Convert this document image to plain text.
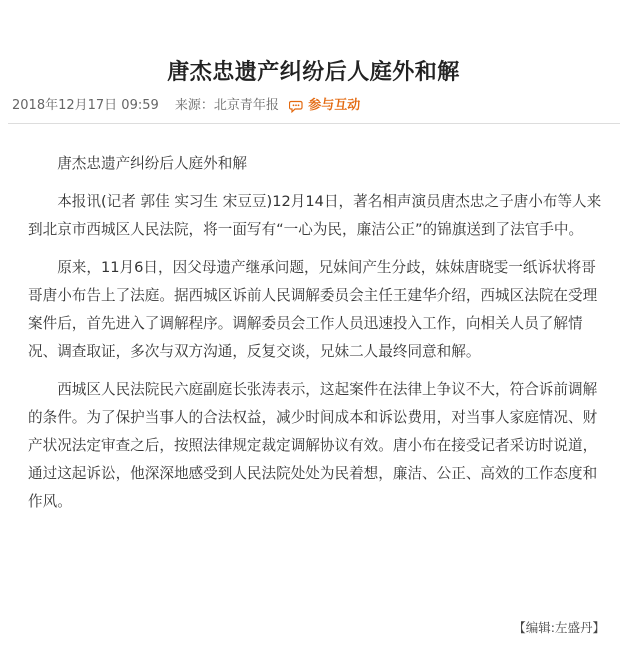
唐杰忠遗产纠纷后人庭外和解
2018年12月17日 09:59 来源：北京青年报 参与互动

唐杰忠遗产纠纷后人庭外和解

本报讯(记者 郭佳 实习生 宋豆豆)12月14日，著名相声演员唐杰忠之子唐小布等人来到北京市西城区人民法院，将一面写有“一心为民，廉洁公正”的锦旗送到了法官手中。

原来，11月6日，因父母遗产继承问题，兄妹间产生分歧，妹妹唐晓雯一纸诉状将哥哥唐小布告上了法庭。据西城区诉前人民调解委员会主任王建华介绍，西城区法院在受理案件后，首先进入了调解程序。调解委员会工作人员迅速投入工作，向相关人员了解情况、调查取证，多次与双方沟通，反复交谈，兄妹二人最终同意和解。

西城区人民法院民六庭副庭长张涛表示，这起案件在法律上争议不大，符合诉前调解的条件。为了保护当事人的合法权益，减少时间成本和诉讼费用，对当事人家庭情况、财产状况法定审查之后，按照法律规定裁定调解协议有效。唐小布在接受记者采访时说道，通过这起诉讼，他深深地感受到人民法院处处为民着想，廉洁、公正、高效的工作态度和作风。

【编辑:左盛丹】
